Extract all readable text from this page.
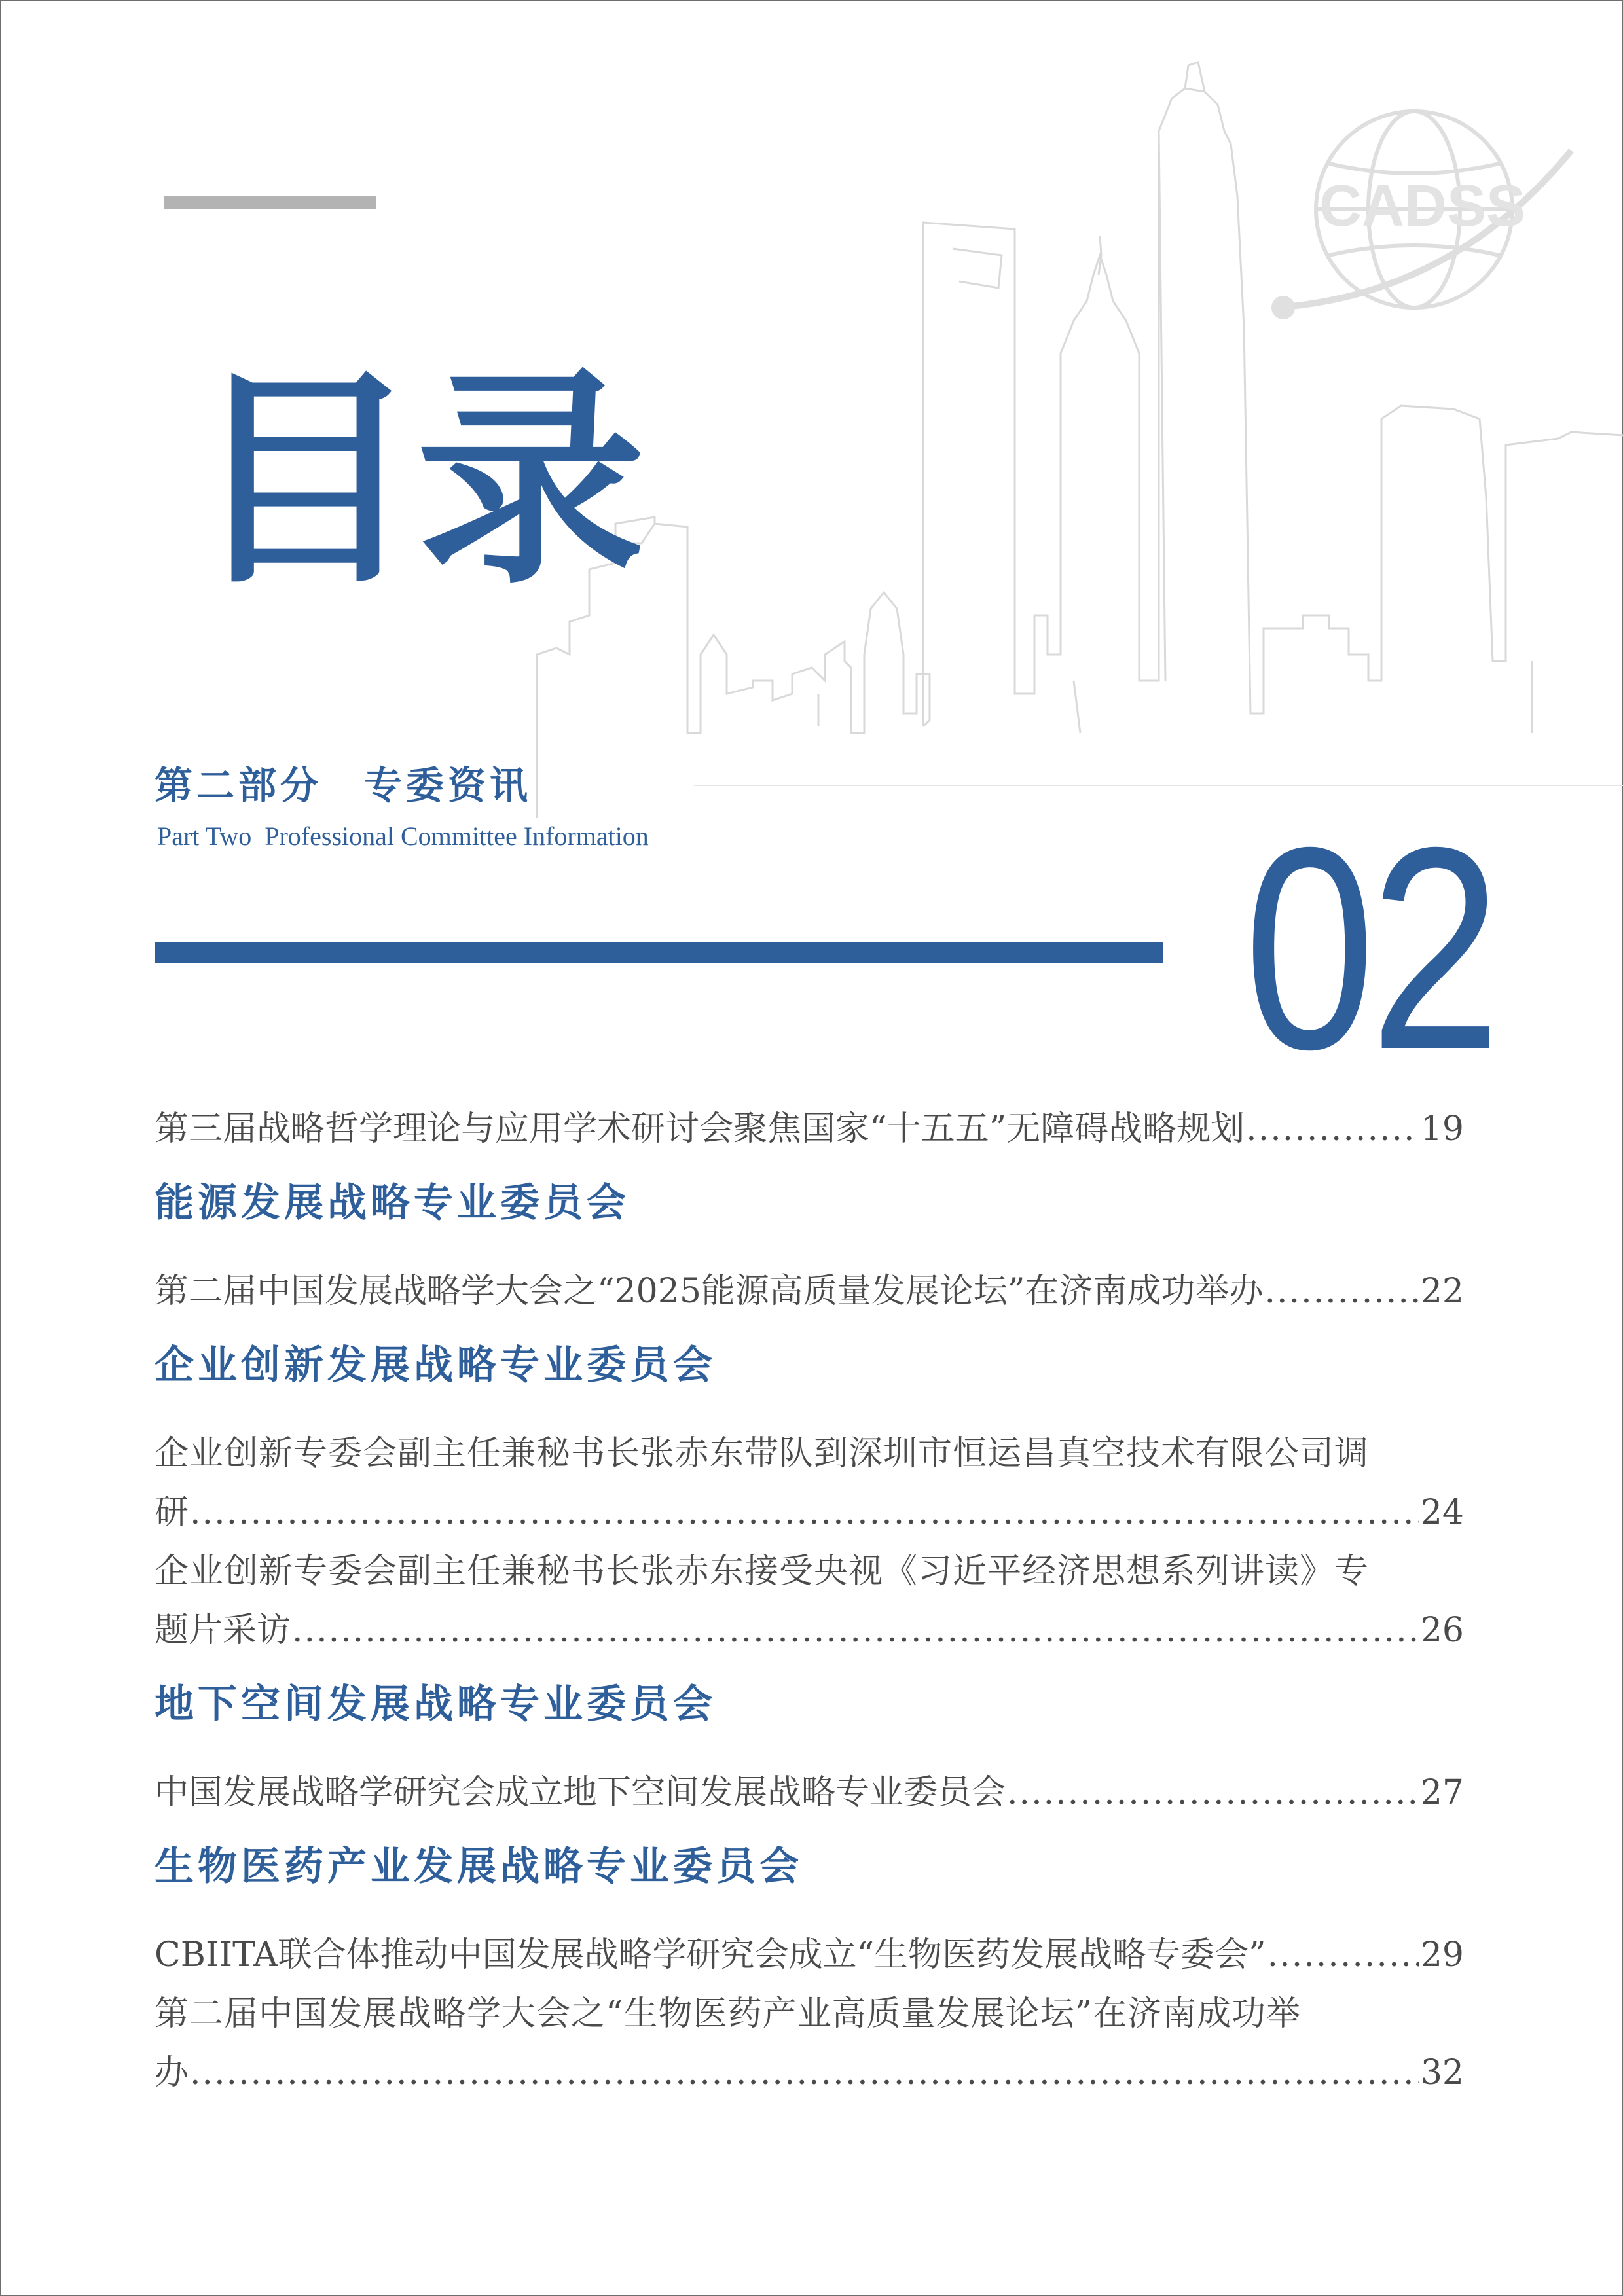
CADSS
目录
第二部分　专委资讯
Part Two  Professional Committee Information 02
第三届战略哲学理论与应用学术研讨会聚焦国家“十五五”无障碍战略规划 .....	19
能源发展战略专业委员会
第二届中国发展战略学大会之“2025能源高质量发展论坛”在济南成功举办 .....	22
企业创新发展战略专业委员会
企业创新专委会副主任兼秘书长张赤东带队到深圳市恒运昌真空技术有限公司调
研 .....	24
企业创新专委会副主任兼秘书长张赤东接受央视《习近平经济思想系列讲读》专
题片采访 .....	26
地下空间发展战略专业委员会
中国发展战略学研究会成立地下空间发展战略专业委员会 .....	27
生物医药产业发展战略专业委员会
CBIITA联合体推动中国发展战略学研究会成立“生物医药发展战略专委会” .....	29
第二届中国发展战略学大会之“生物医药产业高质量发展论坛”在济南成功举
办 .....	32
